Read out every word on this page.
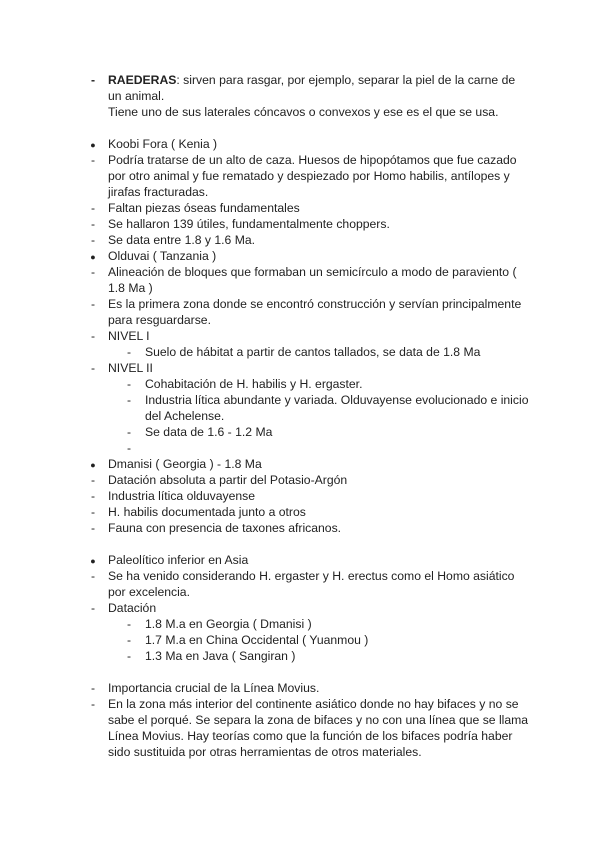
-	RAEDERAS: sirven para rasgar, por ejemplo, separar la piel de la carne de
un animal.
Tiene uno de sus laterales cóncavos o convexos y ese es el que se usa.
●	Koobi Fora ( Kenia )
-	Podría tratarse de un alto de caza. Huesos de hipopótamos que fue cazado
por otro animal y fue rematado y despiezado por Homo habilis, antílopes y
jirafas fracturadas.
-	Faltan piezas óseas fundamentales
-	Se hallaron 139 útiles, fundamentalmente choppers.
-	Se data entre 1.8 y 1.6 Ma.
●	Olduvai ( Tanzania )
-	Alineación de bloques que formaban un semicírculo a modo de paraviento (
1.8 Ma )
-	Es la primera zona donde se encontró construcción y servían principalmente
para resguardarse.
-	NIVEL I
-	Suelo de hábitat a partir de cantos tallados, se data de 1.8 Ma
-	NIVEL II
-	Cohabitación de H. habilis y H. ergaster.
-	Industria lítica abundante y variada. Olduvayense evolucionado e inicio
del Achelense.
-	Se data de 1.6 - 1.2 Ma
-
●	Dmanisi ( Georgia ) - 1.8 Ma
-	Datación absoluta a partir del Potasio-Argón
-	Industria lítica olduvayense
-	H. habilis documentada junto a otros
-	Fauna con presencia de taxones africanos.
●	Paleolítico inferior en Asia
-	Se ha venido considerando H. ergaster y H. erectus como el Homo asiático
por excelencia.
-	Datación
-	1.8 M.a en Georgia ( Dmanisi )
-	1.7 M.a en China Occidental ( Yuanmou )
-	1.3 Ma en Java ( Sangiran )
-	Importancia crucial de la Línea Movius.
-	En la zona más interior del continente asiático donde no hay bifaces y no se
sabe el porqué. Se separa la zona de bifaces y no con una línea que se llama
Línea Movius. Hay teorías como que la función de los bifaces podría haber
sido sustituida por otras herramientas de otros materiales.
